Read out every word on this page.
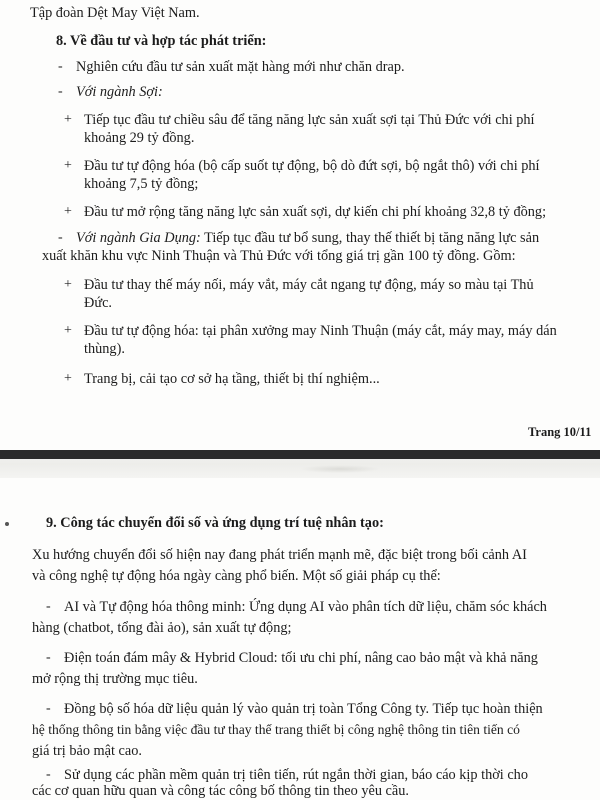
Tập đoàn Dệt May Việt Nam.
8. Về đầu tư và hợp tác phát triển:
- Nghiên cứu đầu tư sản xuất mặt hàng mới như chăn drap.
- Với ngành Sợi:
+ Tiếp tục đầu tư chiều sâu để tăng năng lực sản xuất sợi tại Thủ Đức với chi phí
khoảng 29 tỷ đồng.
+ Đầu tư tự động hóa (bộ cấp suốt tự động, bộ dò đứt sợi, bộ ngắt thô) với chi phí
khoảng 7,5 tỷ đồng;
+ Đầu tư mở rộng tăng năng lực sản xuất sợi, dự kiến chi phí khoảng 32,8 tỷ đồng;
- Với ngành Gia Dụng: Tiếp tục đầu tư bổ sung, thay thế thiết bị tăng năng lực sản
xuất khăn khu vực Ninh Thuận và Thủ Đức với tổng giá trị gần 100 tỷ đồng. Gồm:
+ Đầu tư thay thế máy nối, máy vắt, máy cắt ngang tự động, máy so màu tại Thủ
Đức.
+ Đầu tư tự động hóa: tại phân xưởng may Ninh Thuận (máy cắt, máy may, máy dán
thùng).
+ Trang bị, cải tạo cơ sở hạ tầng, thiết bị thí nghiệm...
Trang 10/11
9. Công tác chuyển đổi số và ứng dụng trí tuệ nhân tạo:
Xu hướng chuyển đổi số hiện nay đang phát triển mạnh mẽ, đặc biệt trong bối cảnh AI
và công nghệ tự động hóa ngày càng phổ biến. Một số giải pháp cụ thể:
- AI và Tự động hóa thông minh: Ứng dụng AI vào phân tích dữ liệu, chăm sóc khách
hàng (chatbot, tổng đài ảo), sản xuất tự động;
- Điện toán đám mây & Hybrid Cloud: tối ưu chi phí, nâng cao bảo mật và khả năng
mở rộng thị trường mục tiêu.
- Đồng bộ số hóa dữ liệu quản lý vào quản trị toàn Tổng Công ty. Tiếp tục hoàn thiện
hệ thống thông tin bằng việc đầu tư thay thế trang thiết bị công nghệ thông tin tiên tiến có
giá trị bảo mật cao.
- Sử dụng các phần mềm quản trị tiên tiến, rút ngắn thời gian, báo cáo kịp thời cho
các cơ quan hữu quan và công tác công bố thông tin theo yêu cầu.
